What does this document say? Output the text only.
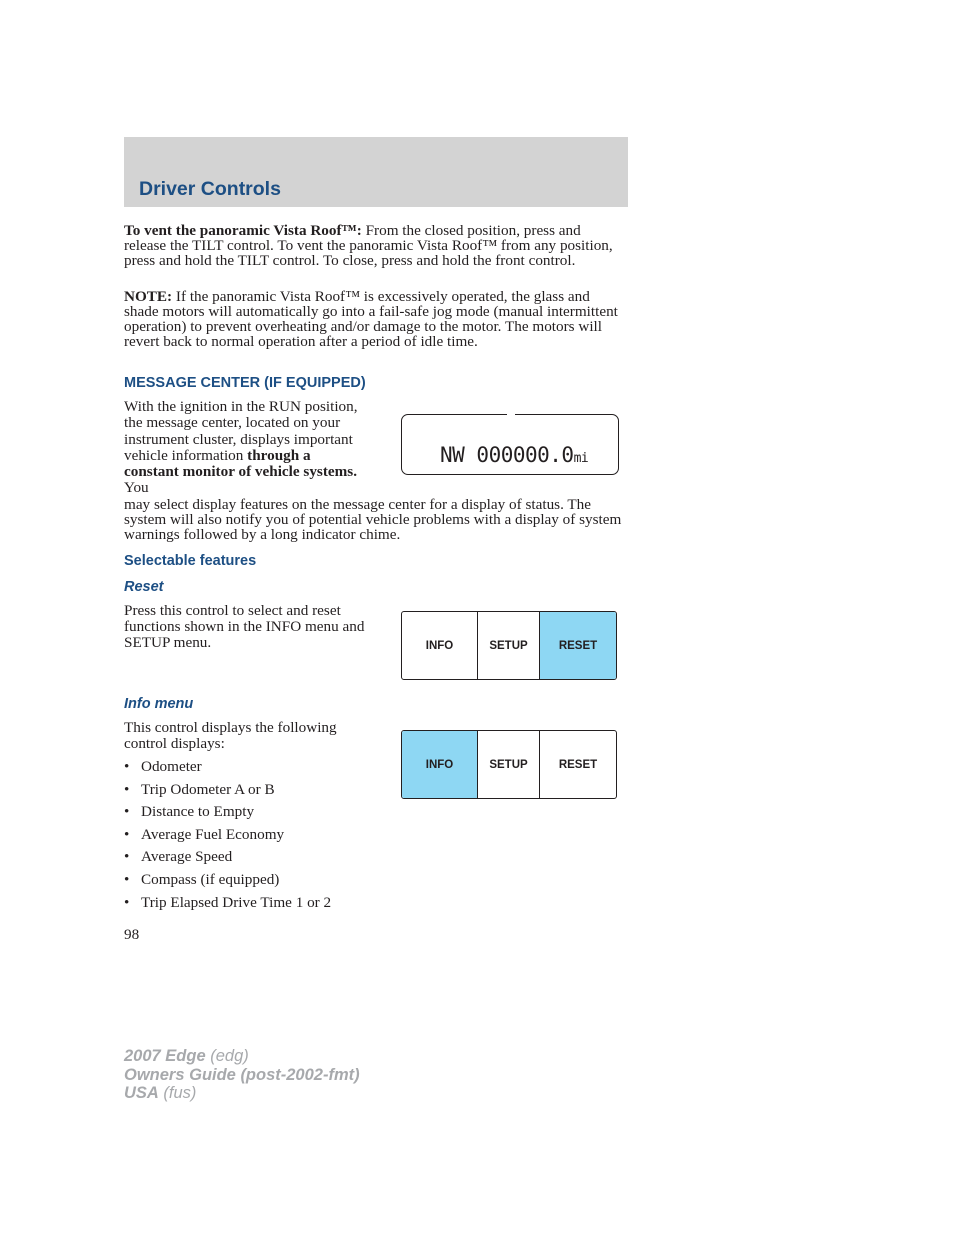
Driver Controls

To vent the panoramic Vista Roof™: From the closed position, press and release the TILT control. To vent the panoramic Vista Roof™ from any position, press and hold the TILT control. To close, press and hold the front control.

NOTE: If the panoramic Vista Roof™ is excessively operated, the glass and shade motors will automatically go into a fail-safe jog mode (manual intermittent operation) to prevent overheating and/or damage to the motor. The motors will revert back to normal operation after a period of idle time.

MESSAGE CENTER (IF EQUIPPED)
With the ignition in the RUN position, the message center, located on your instrument cluster, displays important vehicle information through a constant monitor of vehicle systems. You
may select display features on the message center for a display of status. The system will also notify you of potential vehicle problems with a display of system warnings followed by a long indicator chime.
NW 000000.0mi
Selectable features
Reset
Press this control to select and reset functions shown in the INFO menu and SETUP menu.	INFO	SETUP	RESET
Info menu
This control displays the following control displays:
• Odometer
• Trip Odometer A or B
• Distance to Empty
• Average Fuel Economy
• Average Speed
• Compass (if equipped)
• Trip Elapsed Drive Time 1 or 2
INFO	SETUP	RESET
98
2007 Edge (edg)
Owners Guide (post-2002-fmt)
USA (fus)
